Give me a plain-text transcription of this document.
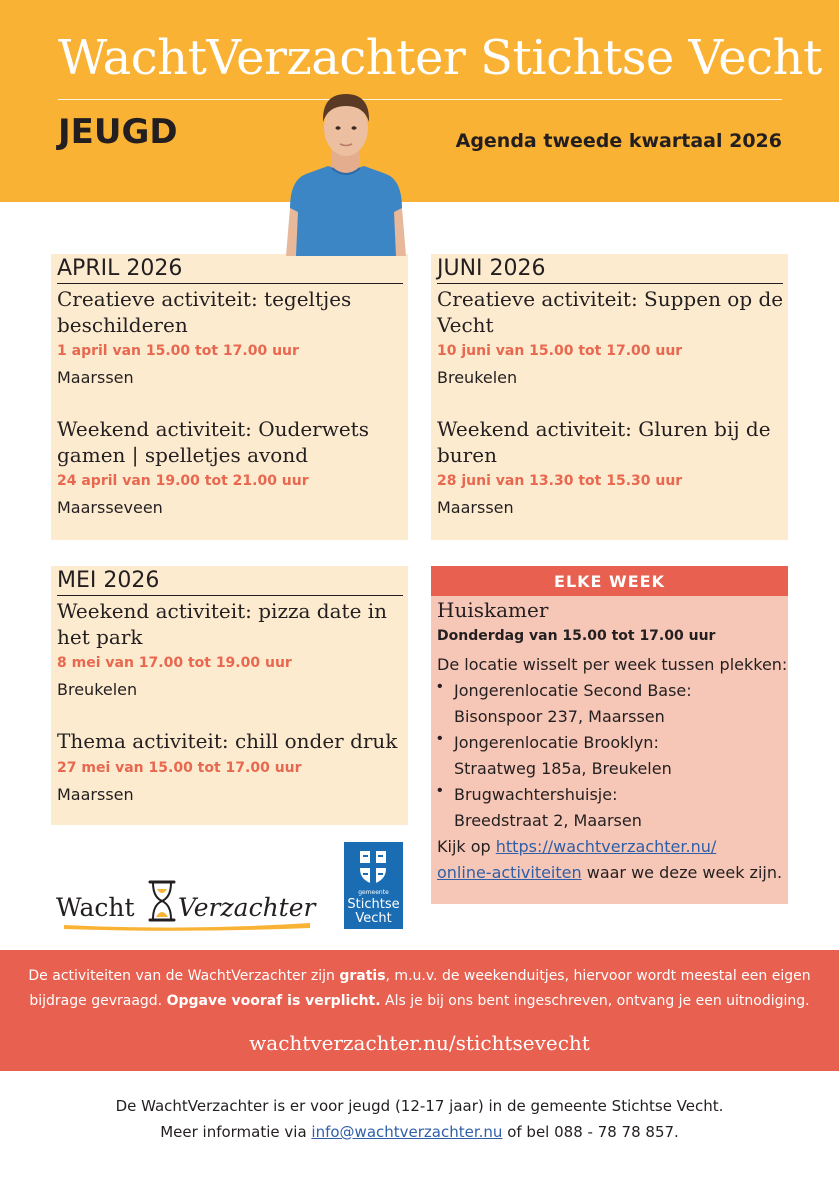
WachtVerzachter Stichtse Vecht
JEUGD	Agenda tweede kwartaal 2026
APRIL 2026
Creatieve activiteit: tegeltjes
beschilderen
1 april van 15.00 tot 17.00 uur
Maarssen
Weekend activiteit: Ouderwets
gamen | spelletjes avond
24 april van 19.00 tot 21.00 uur
Maarsseveen
JUNI 2026
Creatieve activiteit: Suppen op de
Vecht
10 juni van 15.00 tot 17.00 uur
Breukelen
Weekend activiteit: Gluren bij de
buren
28 juni van 13.30 tot 15.30 uur
Maarssen
MEI 2026
Weekend activiteit: pizza date in
het park
8 mei van 17.00 tot 19.00 uur
Breukelen
Thema activiteit: chill onder druk
27 mei van 15.00 tot 17.00 uur
Maarssen
ELKE WEEK
Huiskamer
Donderdag van 15.00 tot 17.00 uur
De locatie wisselt per week tussen plekken:
• Jongerenlocatie Second Base:
Bisonspoor 237, Maarssen
• Jongerenlocatie Brooklyn:
Straatweg 185a, Breukelen
• Brugwachtershuisje:
Breedstraat 2, Maarsen
Kijk op https://wachtverzachter.nu/
online-activiteiten waar we deze week zijn.
Wacht Verzachter
gemeente
Stichtse
Vecht
De activiteiten van de WachtVerzachter zijn gratis, m.u.v. de weekenduitjes, hiervoor wordt meestal een eigen
bijdrage gevraagd. Opgave vooraf is verplicht. Als je bij ons bent ingeschreven, ontvang je een uitnodiging.
wachtverzachter.nu/stichtsevecht
De WachtVerzachter is er voor jeugd (12-17 jaar) in de gemeente Stichtse Vecht.
Meer informatie via info@wachtverzachter.nu of bel 088 - 78 78 857.
